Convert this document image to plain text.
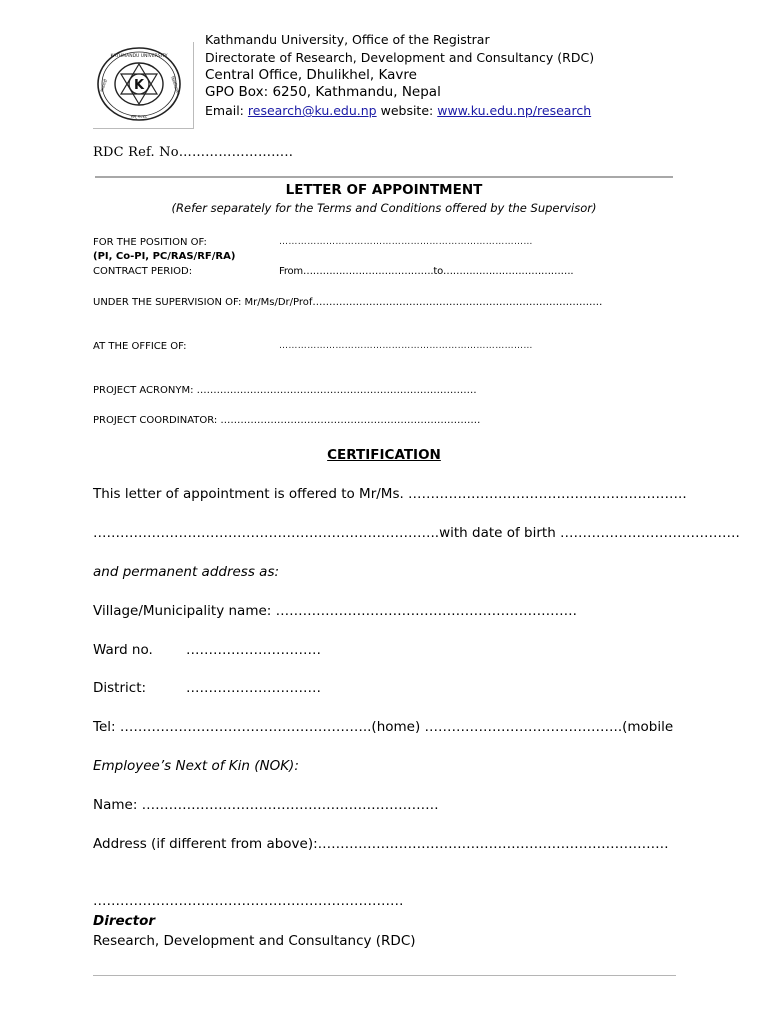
K
KATHMANDU UNIVERSITY
सन् २०४८
काठमाडौं	विश्वविद्यालय
Kathmandu University, Office of the Registrar
Directorate of Research, Development and Consultancy (RDC)
Central Office, Dhulikhel, Kavre
GPO Box: 6250, Kathmandu, Nepal
Email: research@ku.edu.np website: www.ku.edu.np/research
RDC Ref. No……………………..
LETTER OF APPOINTMENT
(Refer separately for the Terms and Conditions offered by the Supervisor)
FOR THE POSITION OF:	………………………………………………………………………
(PI, Co-PI, PC/RAS/RF/RA)
CONTRACT PERIOD:	From………………………………….to………………………………….
UNDER THE SUPERVISION OF: Mr/Ms/Dr/Prof……………………………………………………………………………
AT THE OFFICE OF:	………………………………………………………………………
PROJECT ACRONYM: …………………………………………………………………………
PROJECT COORDINATOR: ……………………………………………………………………
CERTIFICATION
This letter of appointment is offered to Mr/Ms. ……………………………………………………..
…………………………………………………………………..with date of birth ………………………………….
and permanent address as:
Village/Municipality name: ………………………………………………………….
Ward no. …………………………
District:	…………………………
Tel: ………………………………………………..(home) ……………………………………..(mobile
Employee’s Next of Kin (NOK):
Name: …………………………………………………………
Address (if different from above):……………………………………………………………………
……………………………………………………………
Director
Research, Development and Consultancy (RDC)
